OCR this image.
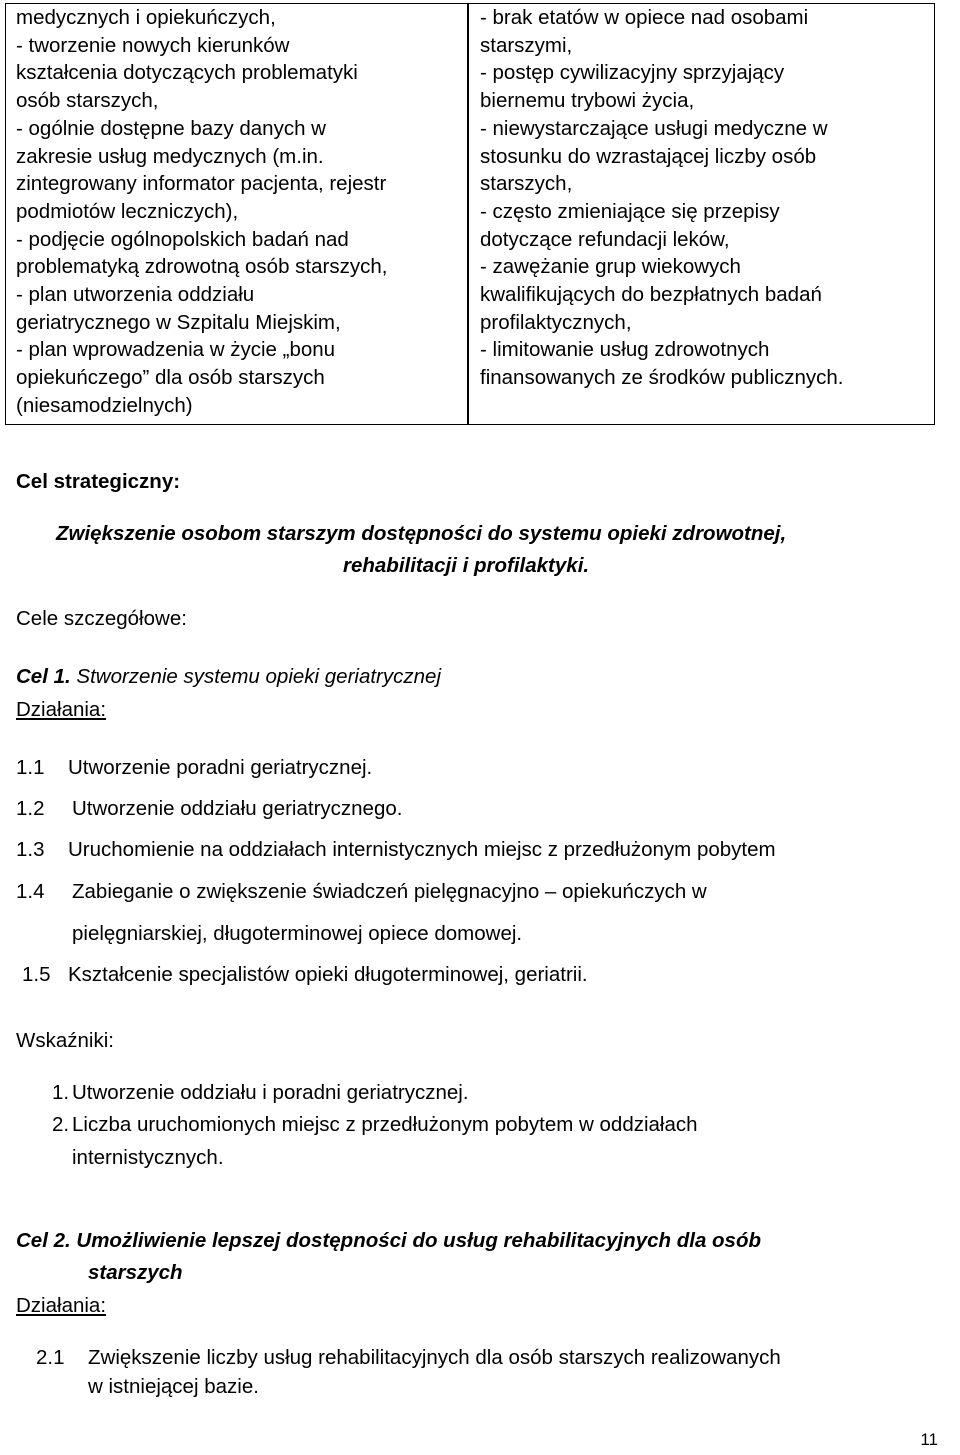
medycznych i opiekuńczych,
- tworzenie nowych kierunków
kształcenia dotyczących problematyki
osób starszych,
- ogólnie dostępne bazy danych w
zakresie usług medycznych (m.in.
zintegrowany informator pacjenta, rejestr
podmiotów leczniczych),
- podjęcie ogólnopolskich badań nad
problematyką zdrowotną osób starszych,
- plan utworzenia oddziału
geriatrycznego w Szpitalu Miejskim,
- plan wprowadzenia w życie „bonu
opiekuńczego” dla osób starszych
(niesamodzielnych)
- brak etatów w opiece nad osobami
starszymi,
- postęp cywilizacyjny sprzyjający
biernemu trybowi życia,
- niewystarczające usługi medyczne w
stosunku do wzrastającej liczby osób
starszych,
- często zmieniające się przepisy
dotyczące refundacji leków,
- zawężanie grup wiekowych
kwalifikujących do bezpłatnych badań
profilaktycznych,
- limitowanie usług zdrowotnych
finansowanych ze środków publicznych.
Cel strategiczny:
Zwiększenie osobom starszym dostępności do systemu opieki zdrowotnej,
rehabilitacji i profilaktyki.
Cele szczegółowe:
Cel 1. Stworzenie systemu opieki geriatrycznej
Działania:
1.1 Utworzenie poradni geriatrycznej.
1.2 Utworzenie oddziału geriatrycznego.
1.3 Uruchomienie na oddziałach internistycznych miejsc z przedłużonym pobytem
1.4 Zabieganie o zwiększenie świadczeń pielęgnacyjno – opiekuńczych w
pielęgniarskiej, długoterminowej opiece domowej.
1.5 Kształcenie specjalistów opieki długoterminowej, geriatrii.
Wskaźniki:
1. Utworzenie oddziału i poradni geriatrycznej.
2. Liczba uruchomionych miejsc z przedłużonym pobytem w oddziałach
internistycznych.
Cel 2. Umożliwienie lepszej dostępności do usług rehabilitacyjnych dla osób
starszych
Działania:
2.1 Zwiększenie liczby usług rehabilitacyjnych dla osób starszych realizowanych
w istniejącej bazie.
11
